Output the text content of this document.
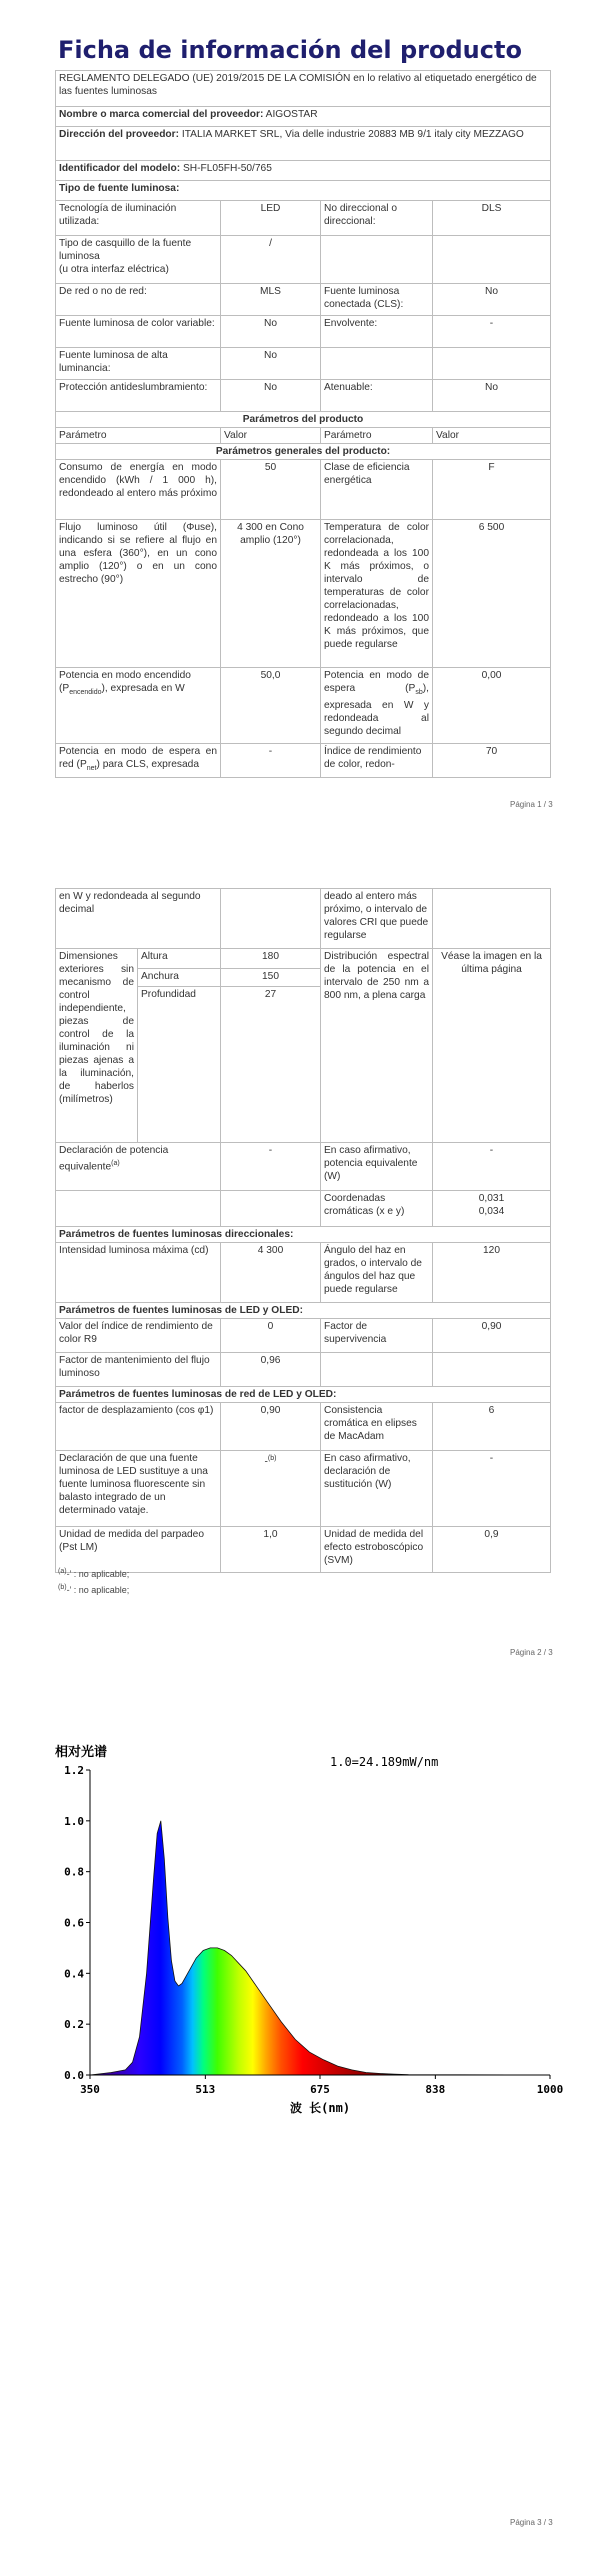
Ficha de información del producto
REGLAMENTO DELEGADO (UE) 2019/2015 DE LA COMISIÓN en lo relativo al etiquetado energético de las fuentes luminosas			
Nombre o marca comercial del proveedor: AIGOSTAR			
Dirección del proveedor: ITALIA MARKET SRL, Via delle industrie 20883 MB 9/1 italy city MEZZAGO			
Identificador del modelo: SH-FL05FH-50/765			
Tipo de fuente luminosa:			
Tecnología de iluminación utilizada:	LED	No direccional o direccional:	DLS
Tipo de casquillo de la fuente luminosa
(u otra interfaz eléctrica)	/		
De red o no de red:	MLS	Fuente luminosa conectada (CLS):	No
Fuente luminosa de color variable:	No	Envolvente:	-
Fuente luminosa de alta luminancia:	No		
Protección antideslumbramiento:	No	Atenuable:	No
Parámetros del producto			
Parámetro	Valor	Parámetro	Valor
Parámetros generales del producto:			
Consumo de energía en modo encendido (kWh / 1 000 h), redondeado al entero más próximo	50	Clase de eficiencia energética	F
Flujo luminoso útil (Φuse), indicando si se refiere al flujo en una esfera (360°), en un cono amplio (120°) o en un cono estrecho (90°)	4 300 en Cono amplio (120°)	Temperatura de color correlacionada, redondeada a los 100 K más próximos, o intervalo de temperaturas de color correlacionadas, redondeado a los 100 K más próximos, que puede regularse	6 500
Potencia en modo encendido $(P_{encendido})$, expresada en W	50,0	Potencia en modo de espera $(P_{sb})$, expresada en W y redondeada al segundo decimal	0,00
Potencia en modo de espera en red $(P_{net})$ para CLS, expresada	-	Índice de rendimiento de color, redon-	70
Página 1 / 3
en W y redondeada al segundo decimal			deado al entero más próximo, o intervalo de valores CRI que puede regularse	
Dimensiones exteriores sin mecanismo de control independiente, piezas de control de la iluminación ni piezas ajenas a la iluminación, de haberlos (milímetros)	Altura	180	Distribución espectral de la potencia en el intervalo de 250 nm a 800 nm, a plena carga	Véase la imagen en la última página
	Anchura	150		
	Profundidad	27		
Declaración de potencia equivalente$^{(a)}$		-	En caso afirmativo, potencia equivalente (W)	-
			Coordenadas cromáticas (x e y)	0,031
0,034
Parámetros de fuentes luminosas direccionales:				
Intensidad luminosa máxima (cd)		4 300	Ángulo del haz en grados, o intervalo de ángulos del haz que puede regularse	120
Parámetros de fuentes luminosas de LED y OLED:				
Valor del índice de rendimiento de color R9		0	Factor de supervivencia	0,90
Factor de mantenimiento del flujo luminoso		0,96		
Parámetros de fuentes luminosas de red de LED y OLED:				
factor de desplazamiento (cos φ1)		0,90	Consistencia cromática en elipses de MacAdam	6
Declaración de que una fuente luminosa de LED sustituye a una fuente luminosa fluorescente sin balasto integrado de un determinado vataje.		-$^{(b)}$	En caso afirmativo, declaración de sustitución (W)	-
Unidad de medida del parpadeo (Pst LM)		1,0	Unidad de medida del efecto estroboscópico (SVM)	0,9
$^{(a)}$-’ : no aplicable;
$^{(b)}$-’ : no aplicable;
Página 2 / 3
相对光谱
1.0=24.189mW/nm
0.0
0.2
0.4
0.6
0.8
1.0
1.2
350	513	675	838	1000
波 长(nm)
Página 3 / 3
